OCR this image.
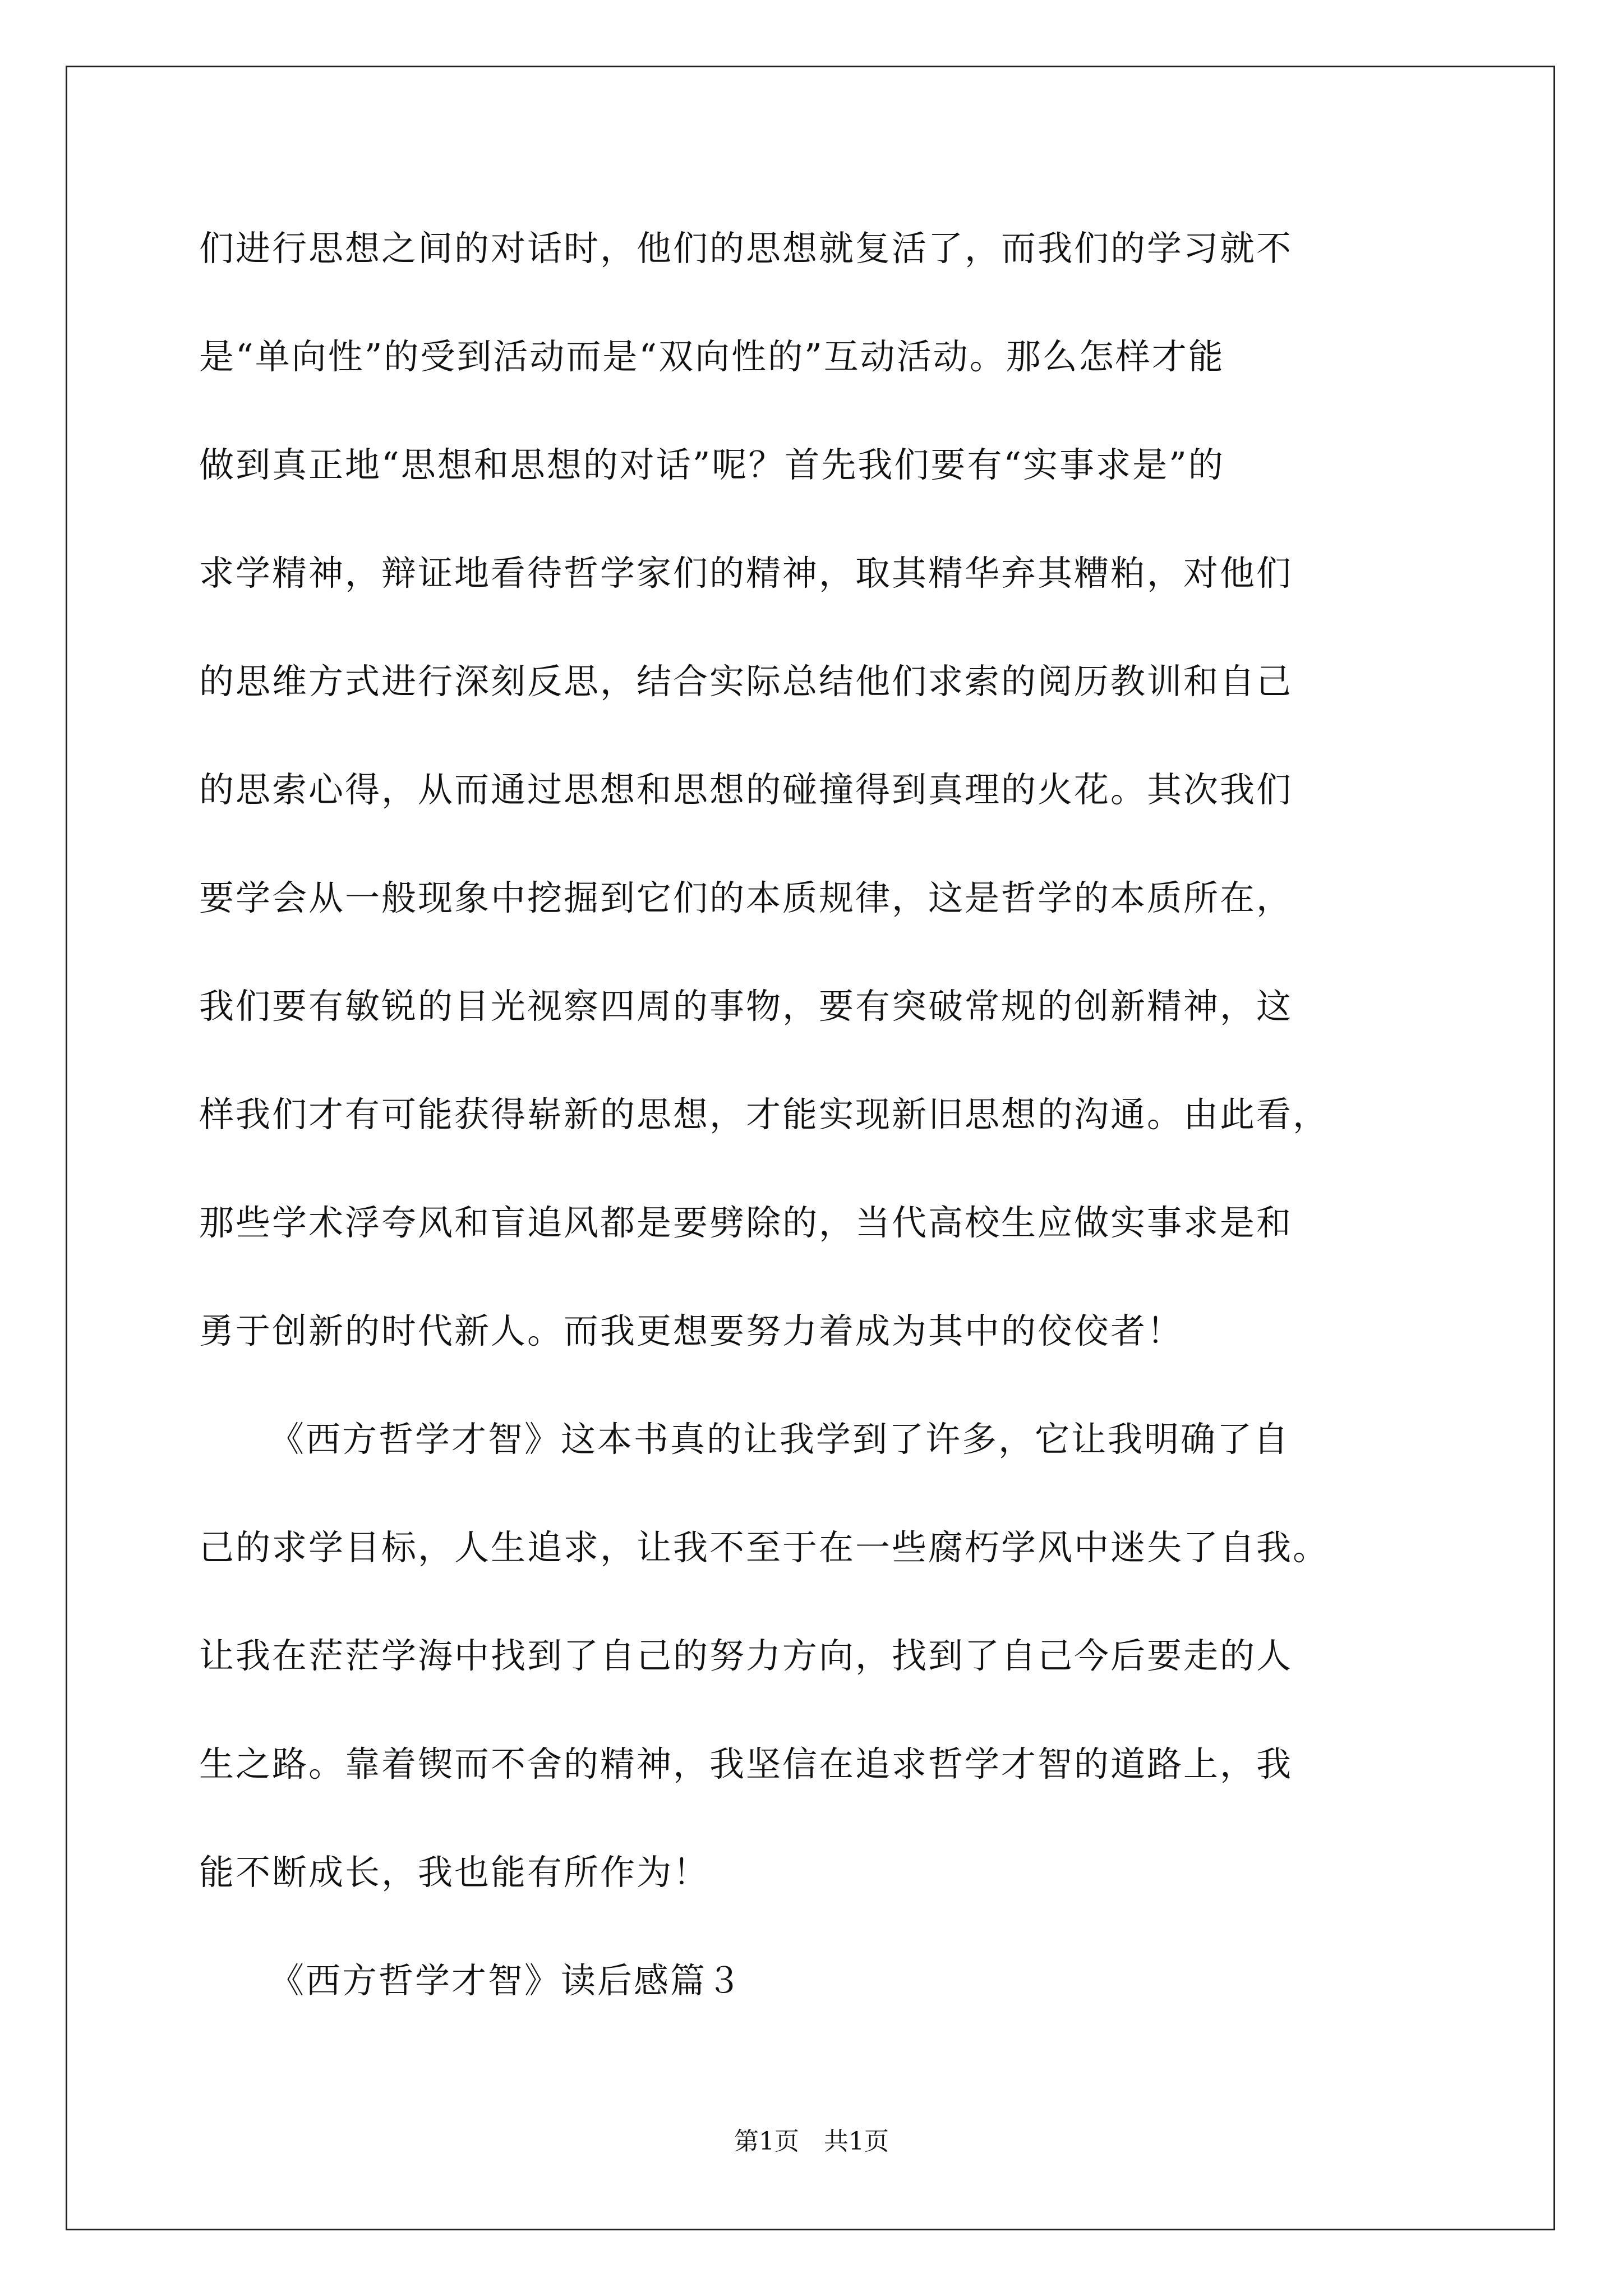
们进行思想之间的对话时，他们的思想就复活了，而我们的学习就不
是“单向性”的受到活动而是“双向性的”互动活动。那么怎样才能
做到真正地“思想和思想的对话”呢？首先我们要有“实事求是”的
求学精神，辩证地看待哲学家们的精神，取其精华弃其糟粕，对他们
的思维方式进行深刻反思，结合实际总结他们求索的阅历教训和自己
的思索心得，从而通过思想和思想的碰撞得到真理的火花。其次我们
要学会从一般现象中挖掘到它们的本质规律，这是哲学的本质所在，
我们要有敏锐的目光视察四周的事物，要有突破常规的创新精神，这
样我们才有可能获得崭新的思想，才能实现新旧思想的沟通。由此看，
那些学术浮夸风和盲追风都是要劈除的，当代高校生应做实事求是和
勇于创新的时代新人。而我更想要努力着成为其中的佼佼者！
《西方哲学才智》这本书真的让我学到了许多，它让我明确了自
己的求学目标，人生追求，让我不至于在一些腐朽学风中迷失了自我。
让我在茫茫学海中找到了自己的努力方向，找到了自己今后要走的人
生之路。靠着锲而不舍的精神，我坚信在追求哲学才智的道路上，我
能不断成长，我也能有所作为！
《西方哲学才智》读后感篇３
第1页　共1页
